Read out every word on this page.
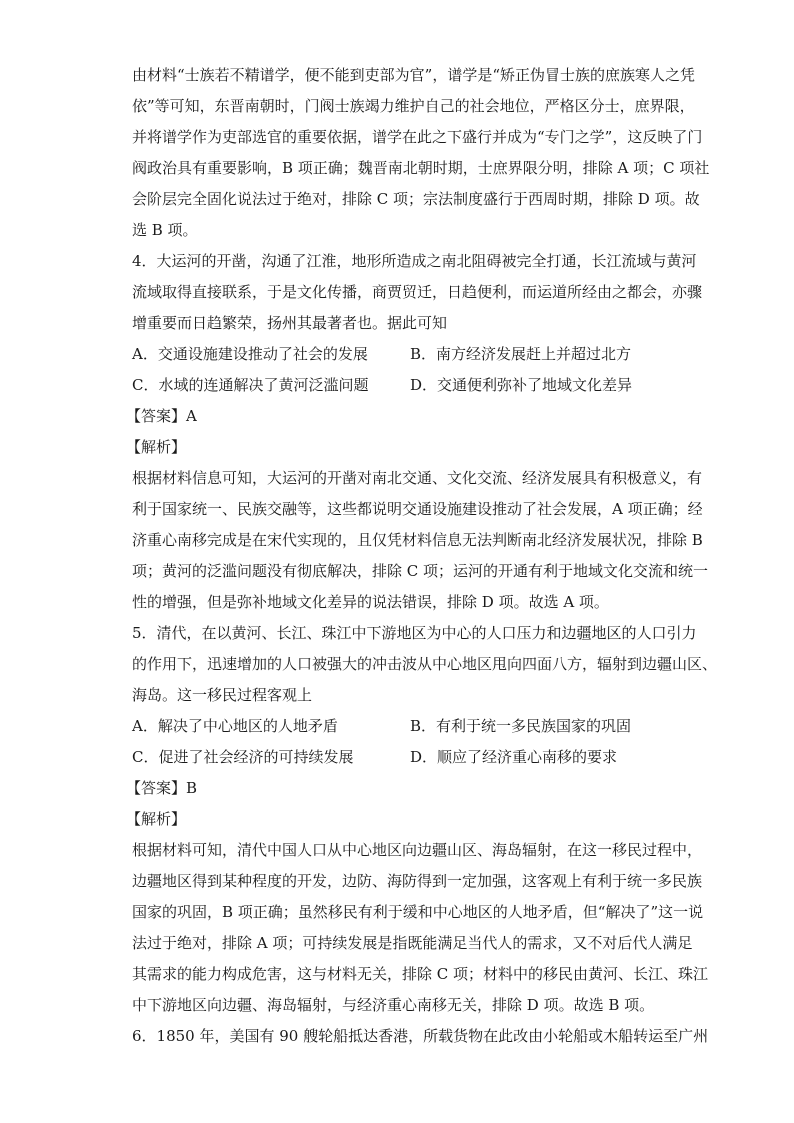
由材料“士族若不精谱学，便不能到吏部为官”，谱学是“矫正伪冒士族的庶族寒人之凭
依”等可知，东晋南朝时，门阀士族竭力维护自己的社会地位，严格区分士，庶界限，
并将谱学作为吏部选官的重要依据，谱学在此之下盛行并成为“专门之学”，这反映了门
阀政治具有重要影响，B 项正确；魏晋南北朝时期，士庶界限分明，排除 A 项；C 项社
会阶层完全固化说法过于绝对，排除 C 项；宗法制度盛行于西周时期，排除 D 项。故
选 B 项。
4．大运河的开凿，沟通了江淮，地形所造成之南北阻碍被完全打通，长江流域与黄河
流域取得直接联系，于是文化传播，商贾贸迁，日趋便利，而运道所经由之都会，亦骤
增重要而日趋繁荣，扬州其最著者也。据此可知
A．交通设施建设推动了社会的发展	B．南方经济发展赶上并超过北方
C．水域的连通解决了黄河泛滥问题	D．交通便利弥补了地域文化差异
【答案】A
【解析】
根据材料信息可知，大运河的开凿对南北交通、文化交流、经济发展具有积极意义，有
利于国家统一、民族交融等，这些都说明交通设施建设推动了社会发展，A 项正确；经
济重心南移完成是在宋代实现的，且仅凭材料信息无法判断南北经济发展状况，排除 B
项；黄河的泛滥问题没有彻底解决，排除 C 项；运河的开通有利于地域文化交流和统一
性的增强，但是弥补地域文化差异的说法错误，排除 D 项。故选 A 项。
5．清代，在以黄河、长江、珠江中下游地区为中心的人口压力和边疆地区的人口引力
的作用下，迅速增加的人口被强大的冲击波从中心地区甩向四面八方，辐射到边疆山区、
海岛。这一移民过程客观上
A．解决了中心地区的人地矛盾	B．有利于统一多民族国家的巩固
C．促进了社会经济的可持续发展	D．顺应了经济重心南移的要求
【答案】B
【解析】
根据材料可知，清代中国人口从中心地区向边疆山区、海岛辐射，在这一移民过程中，
边疆地区得到某种程度的开发，边防、海防得到一定加强，这客观上有利于统一多民族
国家的巩固，B 项正确；虽然移民有利于缓和中心地区的人地矛盾，但“解决了”这一说
法过于绝对，排除 A 项；可持续发展是指既能满足当代人的需求，又不对后代人满足
其需求的能力构成危害，这与材料无关，排除 C 项；材料中的移民由黄河、长江、珠江
中下游地区向边疆、海岛辐射，与经济重心南移无关，排除 D 项。故选 B 项。
6．1850 年，美国有 90 艘轮船抵达香港，所载货物在此改由小轮船或木船转运至广州
